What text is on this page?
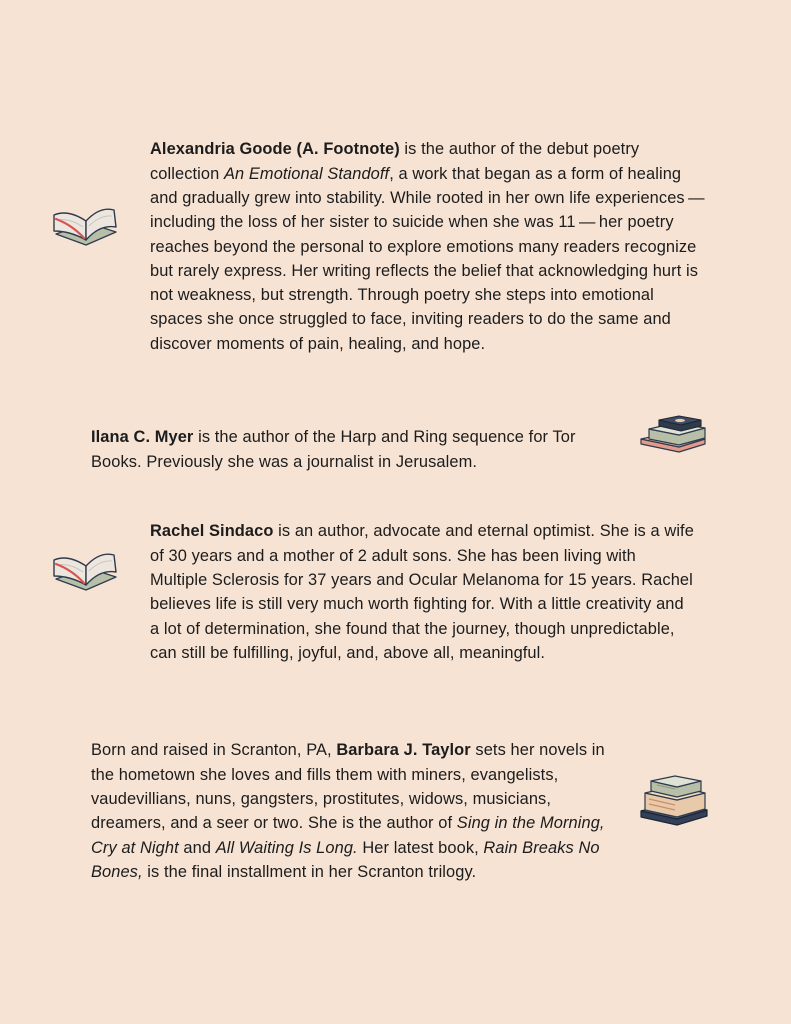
Alexandria Goode (A. Footnote) is the author of the debut poetry collection An Emotional Standoff, a work that began as a form of healing and gradually grew into stability. While rooted in her own life experiences — including the loss of her sister to suicide when she was 11 — her poetry reaches beyond the personal to explore emotions many readers recognize but rarely express. Her writing reflects the belief that acknowledging hurt is not weakness, but strength. Through poetry she steps into emotional spaces she once struggled to face, inviting readers to do the same and discover moments of pain, healing, and hope.

Ilana C. Myer is the author of the Harp and Ring sequence for Tor Books. Previously she was a journalist in Jerusalem.

Rachel Sindaco is an author, advocate and eternal optimist. She is a wife of 30 years and a mother of 2 adult sons. She has been living with Multiple Sclerosis for 37 years and Ocular Melanoma for 15 years. Rachel believes life is still very much worth fighting for. With a little creativity and a lot of determination, she found that the journey, though unpredictable, can still be fulfilling, joyful, and, above all, meaningful.

Born and raised in Scranton, PA, Barbara J. Taylor sets her novels in the hometown she loves and fills them with miners, evangelists, vaudevillians, nuns, gangsters, prostitutes, widows, musicians, dreamers, and a seer or two. She is the author of Sing in the Morning, Cry at Night and All Waiting Is Long. Her latest book, Rain Breaks No Bones, is the final installment in her Scranton trilogy.
